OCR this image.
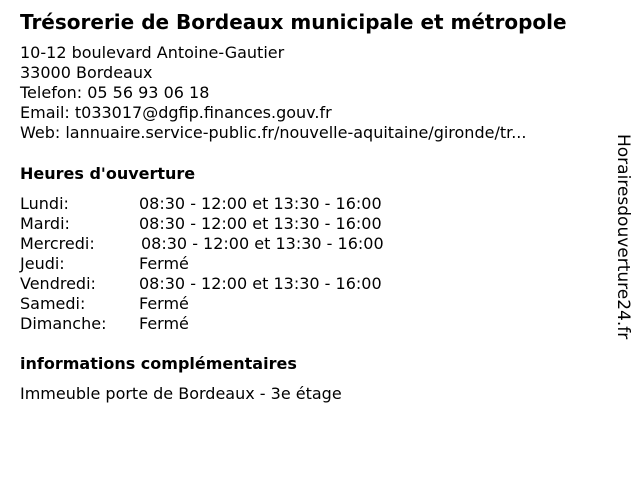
Trésorerie de Bordeaux municipale et métropole
10-12 boulevard Antoine-Gautier
33000 Bordeaux
Telefon: 05 56 93 06 18
Email: t033017@dgfip.finances.gouv.fr
Web: lannuaire.service-public.fr/nouvelle-aquitaine/gironde/tr...
Heures d'ouverture
Lundi:	08:30 - 12:00 et 13:30 - 16:00
Mardi:	08:30 - 12:00 et 13:30 - 16:00
Mercredi:	08:30 - 12:00 et 13:30 - 16:00
Jeudi:	Fermé
Vendredi:	08:30 - 12:00 et 13:30 - 16:00
Samedi:	Fermé
Dimanche: Fermé
informations complémentaires
Immeuble porte de Bordeaux - 3e étage
Horairesdouverture24.fr
